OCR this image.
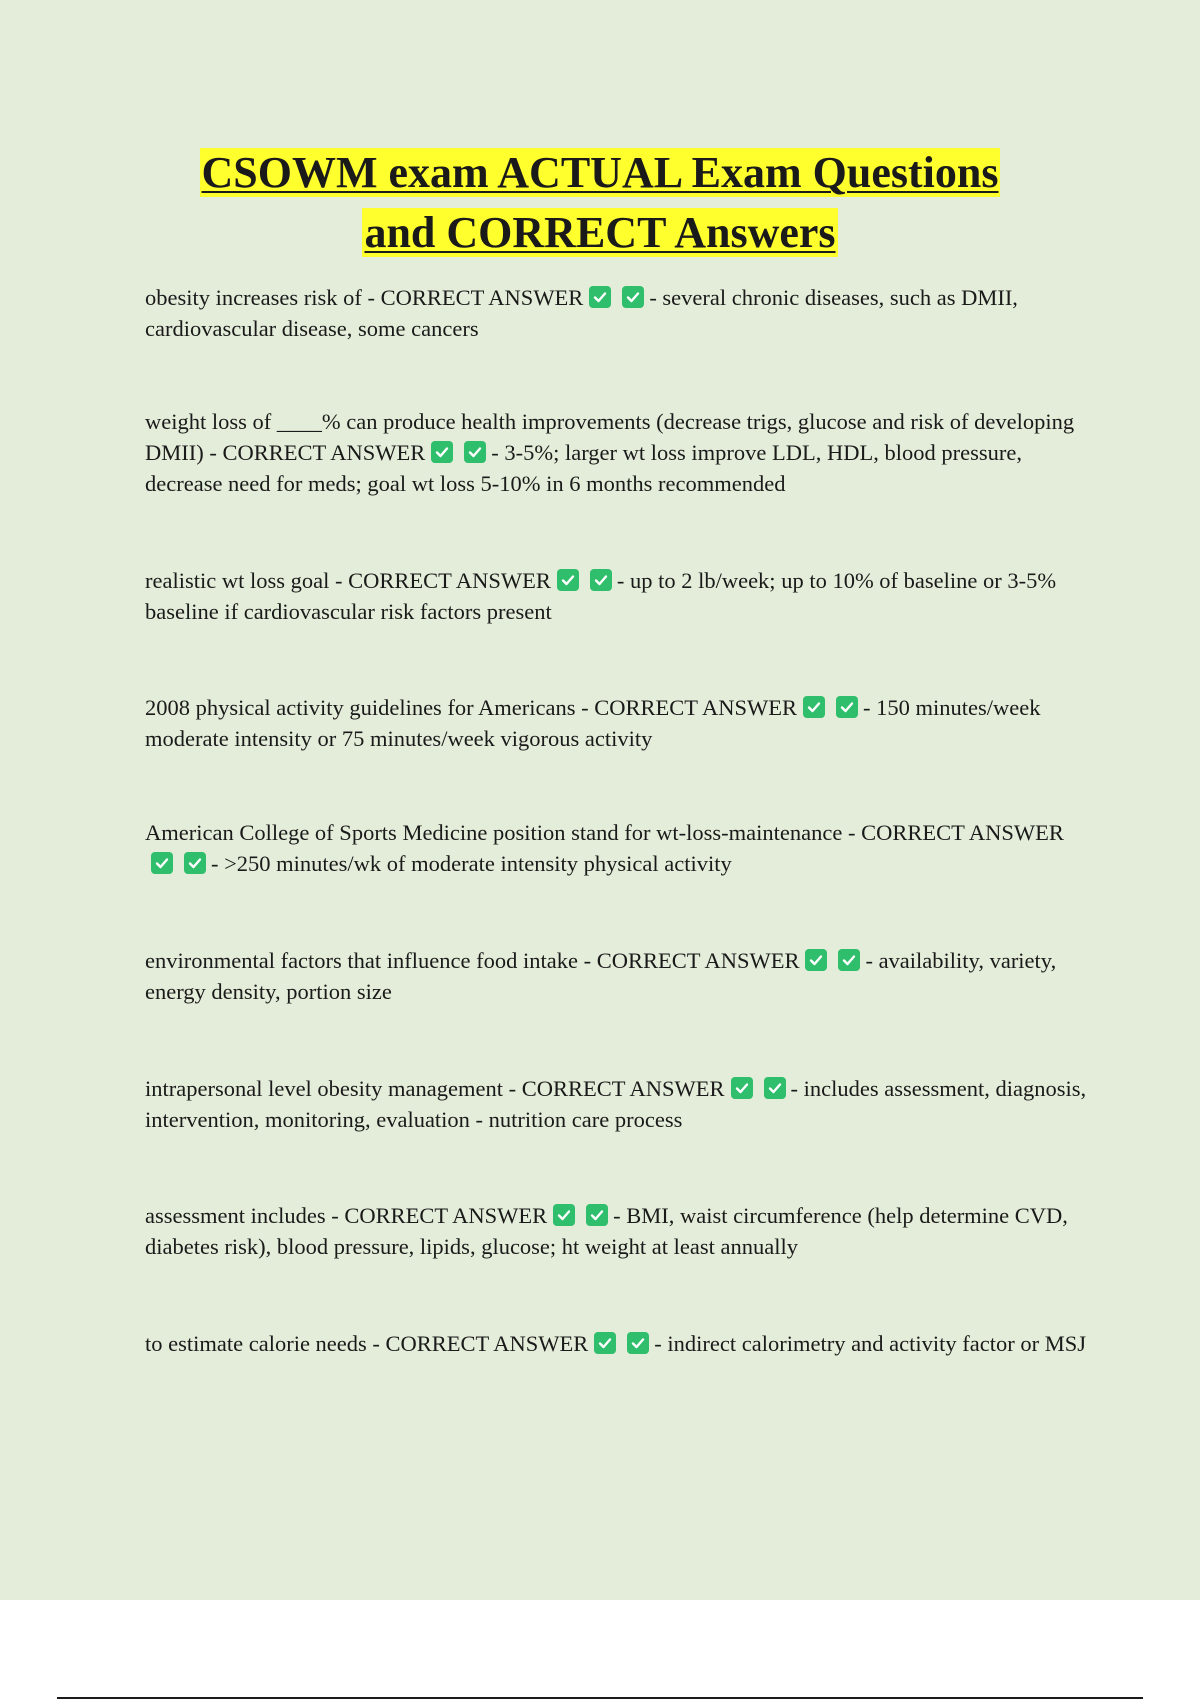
CSOWM exam ACTUAL Exam Questions
and CORRECT Answers

obesity increases risk of - CORRECT ANSWER	- several chronic diseases, such as DMII, cardiovascular disease, some cancers

weight loss of ____% can produce health improvements (decrease trigs, glucose and risk of developing DMII) - CORRECT ANSWER	- 3-5%; larger wt loss improve LDL, HDL, blood pressure, decrease need for meds; goal wt loss 5-10% in 6 months recommended

realistic wt loss goal - CORRECT ANSWER	- up to 2 lb/week; up to 10% of baseline or 3-5% baseline if cardiovascular risk factors present

2008 physical activity guidelines for Americans - CORRECT ANSWER	- 150 minutes/week moderate intensity or 75 minutes/week vigorous activity

American College of Sports Medicine position stand for wt-loss-maintenance - CORRECT ANSWER
- >250 minutes/wk of moderate intensity physical activity

environmental factors that influence food intake - CORRECT ANSWER	- availability, variety, energy density, portion size

intrapersonal level obesity management - CORRECT ANSWER	- includes assessment, diagnosis, intervention, monitoring, evaluation - nutrition care process

assessment includes - CORRECT ANSWER	- BMI, waist circumference (help determine CVD, diabetes risk), blood pressure, lipids, glucose; ht weight at least annually

to estimate calorie needs - CORRECT ANSWER	- indirect calorimetry and activity factor or MSJ
